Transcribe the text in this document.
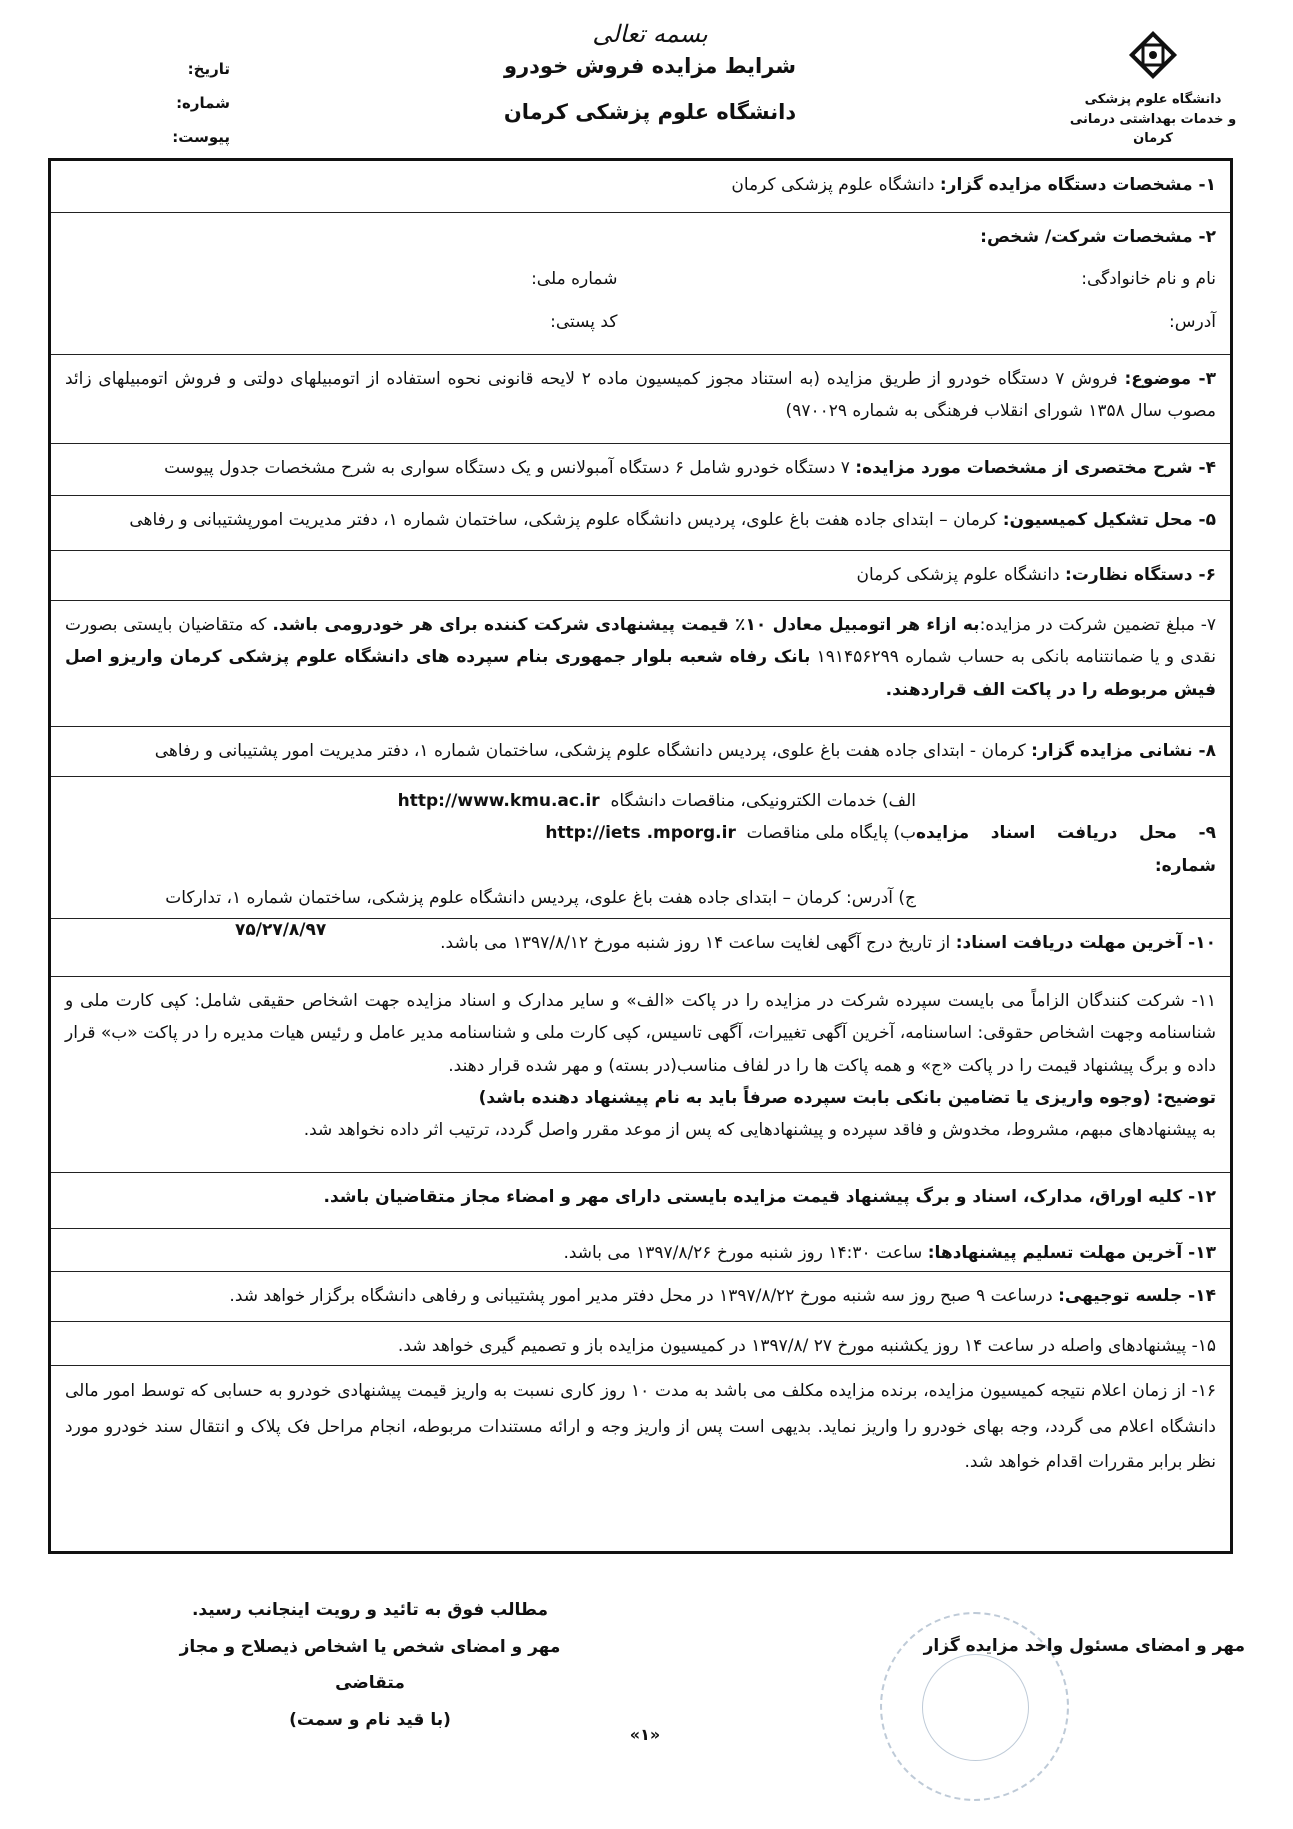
دانشگاه علوم پزشکی
و خدمات بهداشتی درمانی
کرمان
بسمه تعالی
شرایط مزایده فروش خودرو
دانشگاه علوم پزشکی کرمان
تاریخ:
شماره:
پیوست:
۱- مشخصات دستگاه مزایده گزار: دانشگاه علوم پزشکی کرمان
۲- مشخصات شرکت/ شخص:
نام و نام خانوادگی:
شماره ملی:
آدرس:
کد پستی:
۳- موضوع: فروش ۷ دستگاه خودرو از طریق مزایده (به استناد مجوز کمیسیون ماده ۲ لایحه قانونی نحوه استفاده از اتومبیلهای دولتی و فروش اتومبیلهای زائد مصوب سال ۱۳۵۸ شورای انقلاب فرهنگی به شماره ۹۷۰۰۲۹)
۴- شرح مختصری از مشخصات مورد مزایده: ۷ دستگاه خودرو شامل ۶ دستگاه آمبولانس و یک دستگاه سواری به شرح مشخصات جدول پیوست
۵- محل تشکیل کمیسیون: کرمان – ابتدای جاده هفت باغ علوی، پردیس دانشگاه علوم پزشکی، ساختمان شماره ۱، دفتر مدیریت امورپشتیبانی و رفاهی
۶- دستگاه نظارت: دانشگاه علوم پزشکی کرمان
۷- مبلغ تضمین شرکت در مزایده:به ازاء هر اتومبیل معادل ۱۰٪ قیمت پیشنهادی شرکت کننده برای هر خودرومی باشد. که متقاضیان بایستی بصورت نقدی و یا ضمانتنامه بانکی به حساب شماره ۱۹۱۴۵۶۲۹۹ بانک رفاه شعبه بلوار جمهوری بنام سپرده های دانشگاه علوم پزشکی کرمان واریزو اصل فیش مربوطه را در پاکت الف قراردهند.
۸- نشانی مزایده گزار: کرمان - ابتدای جاده هفت باغ علوی، پردیس دانشگاه علوم پزشکی، ساختمان شماره ۱، دفتر مدیریت امور پشتیبانی و رفاهی
الف) خدمات الکترونیکی، مناقصات دانشگاه  http://www.kmu.ac.ir
۹- محل دریافت اسناد مزایده شماره:
ب) پایگاه ملی مناقصات  http://iets .mporg.ir
ج) آدرس: کرمان – ابتدای جاده هفت باغ علوی، پردیس دانشگاه علوم پزشکی، ساختمان شماره ۱، تدارکات
۷۵/۲۷/۸/۹۷
۱۰- آخرین مهلت دریافت اسناد: از تاریخ درج آگهی لغایت ساعت ۱۴ روز شنبه مورخ ۱۳۹۷/۸/۱۲ می باشد.
۱۱- شرکت کنندگان الزاماً می بایست سپرده شرکت در مزایده را در پاکت «الف» و سایر مدارک و اسناد مزایده جهت اشخاص حقیقی شامل: کپی کارت ملی و شناسنامه وجهت اشخاص حقوقی: اساسنامه، آخرین آگهی تغییرات، آگهی تاسیس، کپی کارت ملی و شناسنامه مدیر عامل و رئیس هیات مدیره را در پاکت «ب» قرار داده و برگ پیشنهاد قیمت را در پاکت «ج» و همه پاکت ها را در لفاف مناسب(در بسته) و مهر شده قرار دهند.
توضیح: (وجوه واریزی یا تضامین بانکی بابت سپرده صرفاً باید به نام پیشنهاد دهنده باشد)
به پیشنهادهای مبهم، مشروط، مخدوش و فاقد سپرده و پیشنهادهایی که پس از موعد مقرر واصل گردد، ترتیب اثر داده نخواهد شد.
۱۲- کلیه اوراق، مدارک، اسناد و برگ پیشنهاد قیمت مزایده بایستی دارای مهر و امضاء مجاز متقاضیان باشد.
۱۳- آخرین مهلت تسلیم پیشنهادها: ساعت ۱۴:۳۰ روز شنبه مورخ ۱۳۹۷/۸/۲۶ می باشد.
۱۴- جلسه توجیهی: درساعت ۹ صبح روز سه شنبه مورخ ۱۳۹۷/۸/۲۲ در محل دفتر مدیر امور پشتیبانی و رفاهی دانشگاه برگزار خواهد شد.
۱۵- پیشنهادهای واصله در ساعت ۱۴ روز یکشنبه مورخ ۲۷ /۱۳۹۷/۸ در کمیسیون مزایده باز و تصمیم گیری خواهد شد.
۱۶- از زمان اعلام نتیجه کمیسیون مزایده، برنده مزایده مکلف می باشد به مدت ۱۰ روز کاری نسبت به واریز قیمت پیشنهادی خودرو به حسابی که توسط امور مالی دانشگاه اعلام می گردد، وجه بهای خودرو را واریز نماید. بدیهی است پس از واریز وجه و ارائه مستندات مربوطه، انجام مراحل فک پلاک و انتقال سند خودرو مورد نظر برابر مقررات اقدام خواهد شد.
مطالب فوق به تائید و رویت اینجانب رسید.
مهر و امضای شخص یا اشخاص ذیصلاح و مجاز متقاضی
(با قید نام و سمت)
مهر و امضای مسئول واحد مزایده گزار
«۱»
